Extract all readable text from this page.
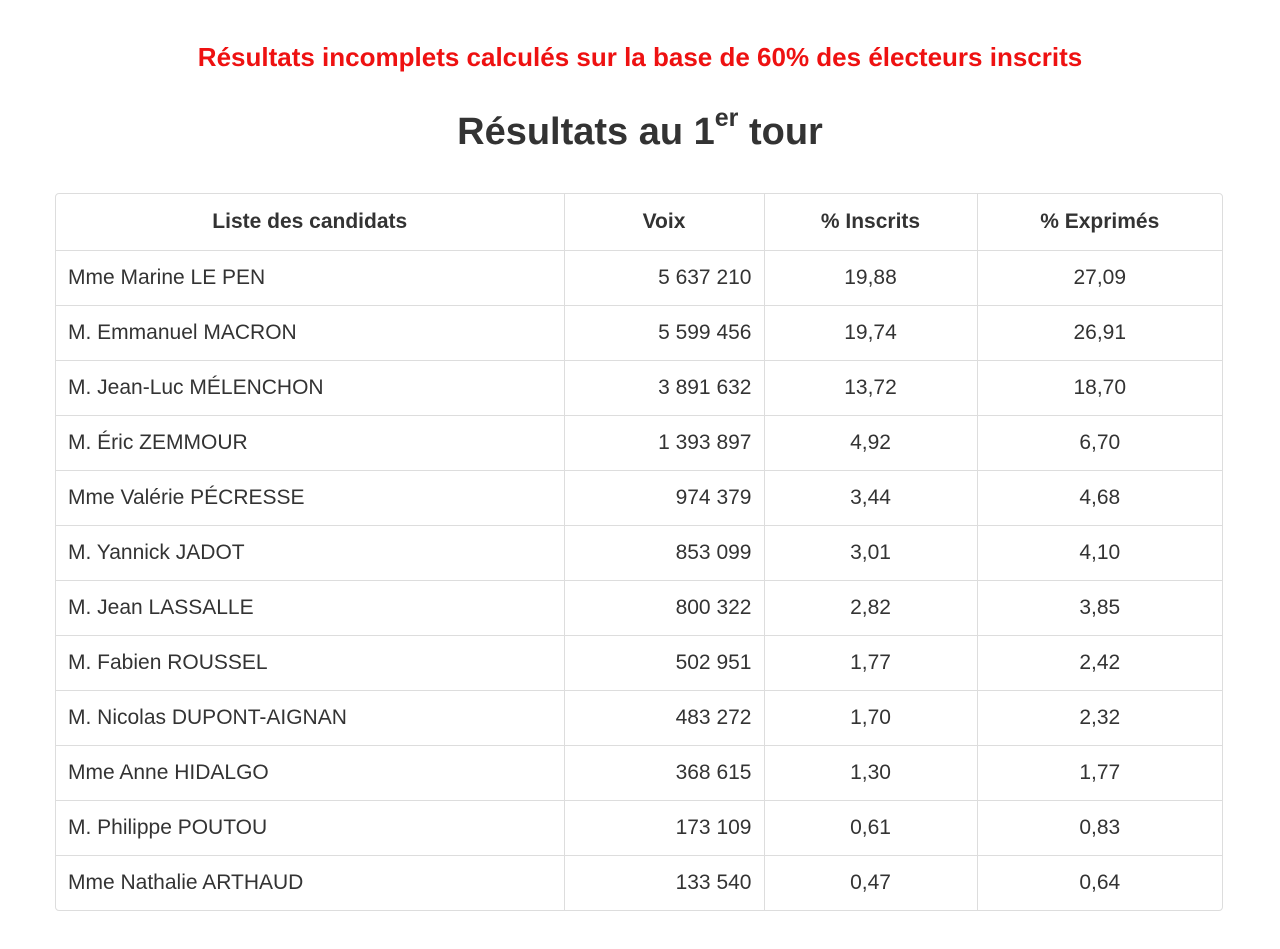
Résultats incomplets calculés sur la base de 60% des électeurs inscrits
Résultats au 1er tour
Liste des candidats	Voix	% Inscrits	% Exprimés
Mme Marine LE PEN	5 637 210	19,88	27,09
M. Emmanuel MACRON	5 599 456	19,74	26,91
M. Jean-Luc MÉLENCHON	3 891 632	13,72	18,70
M. Éric ZEMMOUR	1 393 897	4,92	6,70
Mme Valérie PÉCRESSE	974 379	3,44	4,68
M. Yannick JADOT	853 099	3,01	4,10
M. Jean LASSALLE	800 322	2,82	3,85
M. Fabien ROUSSEL	502 951	1,77	2,42
M. Nicolas DUPONT-AIGNAN	483 272	1,70	2,32
Mme Anne HIDALGO	368 615	1,30	1,77
M. Philippe POUTOU	173 109	0,61	0,83
Mme Nathalie ARTHAUD	133 540	0,47	0,64
